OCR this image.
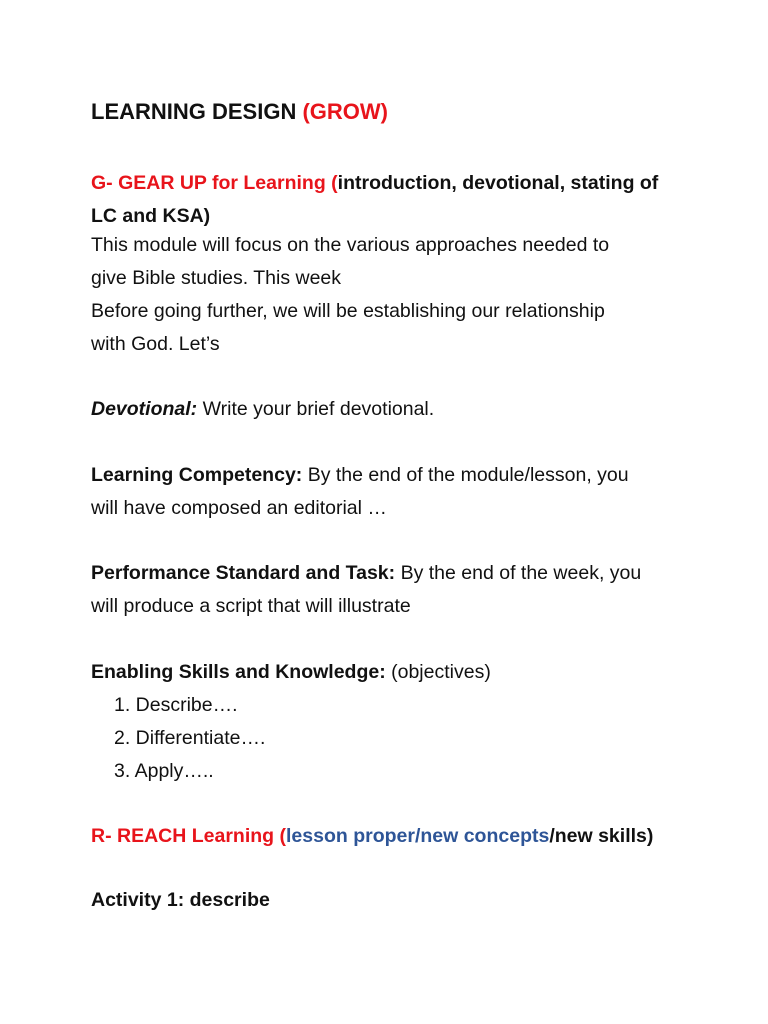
LEARNING DESIGN (GROW)
G- GEAR UP for Learning (introduction, devotional, stating of
LC and KSA)
This module will focus on the various approaches needed to
give Bible studies. This week
Before going further, we will be establishing our relationship
with God. Let’s
Devotional: Write your brief devotional.
Learning Competency: By the end of the module/lesson, you
will have composed an editorial …
Performance Standard and Task: By the end of the week, you
will produce a script that will illustrate
Enabling Skills and Knowledge: (objectives)
1. Describe….
2. Differentiate….
3. Apply…..
R- REACH Learning (lesson proper/new concepts/new skills)
Activity 1: describe
